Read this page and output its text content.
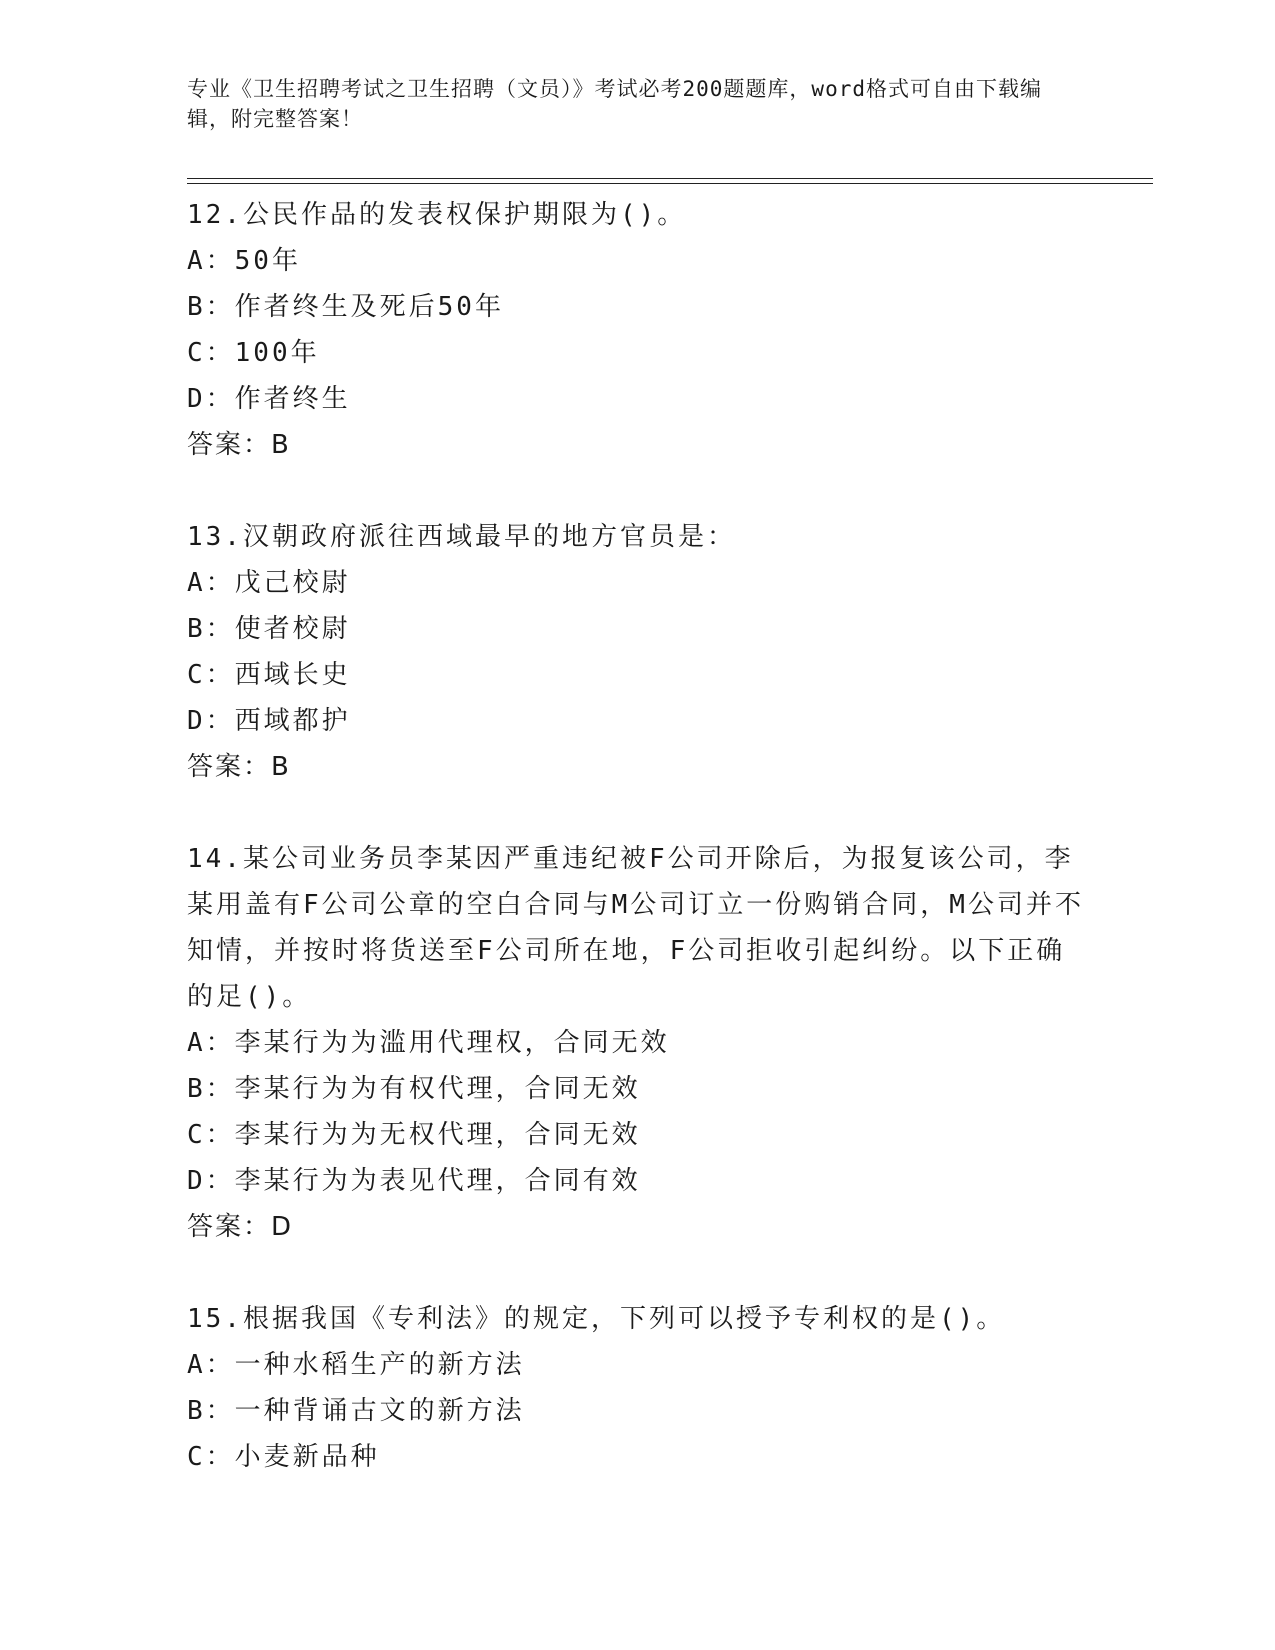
专业《卫生招聘考试之卫生招聘（文员）》考试必考200题题库，word格式可自由下载编辑，附完整答案！
12.公民作品的发表权保护期限为()。
A：50年
B：作者终生及死后50年
C：100年
D：作者终生
答案：B
13.汉朝政府派往西域最早的地方官员是：
A：戊己校尉
B：使者校尉
C：西域长史
D：西域都护
答案：B
14.某公司业务员李某因严重违纪被F公司开除后，为报复该公司，李某用盖有F公司公章的空白合同与M公司订立一份购销合同，M公司并不知情，并按时将货送至F公司所在地，F公司拒收引起纠纷。以下正确的足()。
A：李某行为为滥用代理权，合同无效
B：李某行为为有权代理，合同无效
C：李某行为为无权代理，合同无效
D：李某行为为表见代理，合同有效
答案：D
15.根据我国《专利法》的规定，下列可以授予专利权的是()。
A：一种水稻生产的新方法
B：一种背诵古文的新方法
C：小麦新品种
